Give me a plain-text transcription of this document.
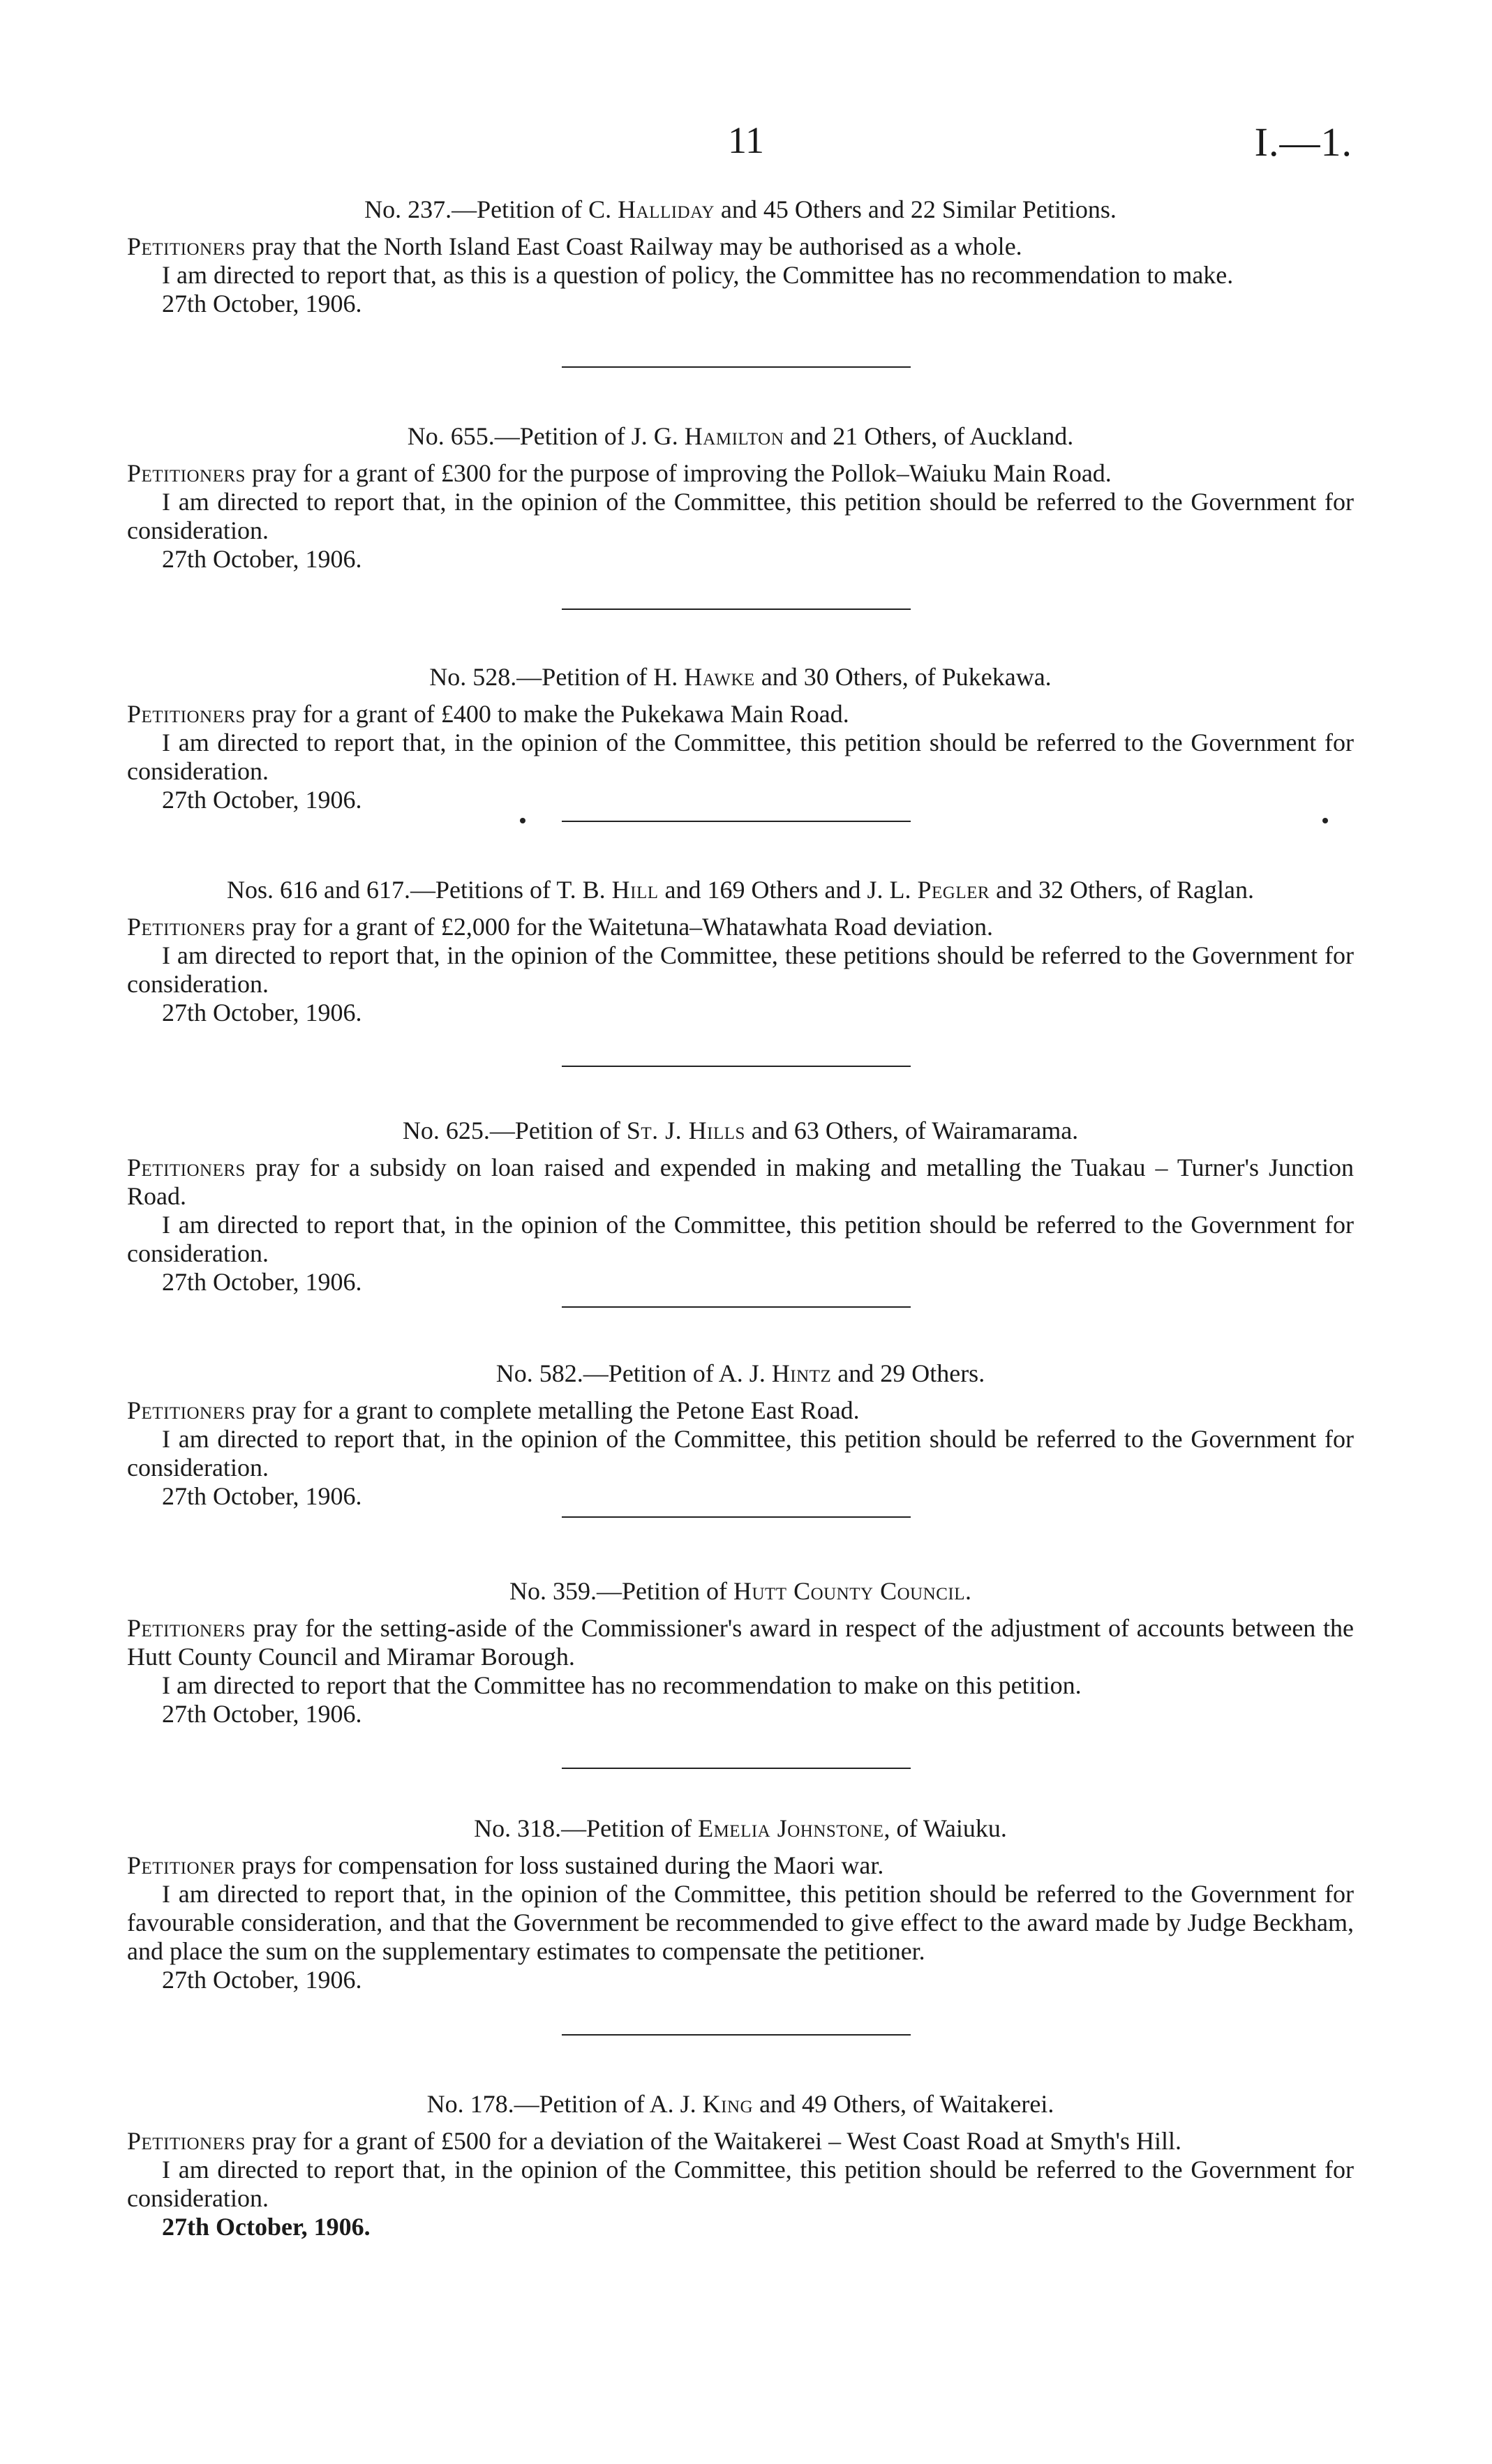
11	I.—1.
No. 237.—Petition of C. Halliday and 45 Others and 22 Similar Petitions.

Petitioners pray that the North Island East Coast Railway may be authorised as a whole.

I am directed to report that, as this is a question of policy, the Committee has no recommendation to make.

27th October, 1906.

No. 655.—Petition of J. G. Hamilton and 21 Others, of Auckland.

Petitioners pray for a grant of £300 for the purpose of improving the Pollok–Waiuku Main Road.

I am directed to report that, in the opinion of the Committee, this petition should be referred to the Government for consideration.

27th October, 1906.

No. 528.—Petition of H. Hawke and 30 Others, of Pukekawa.

Petitioners pray for a grant of £400 to make the Pukekawa Main Road.

I am directed to report that, in the opinion of the Committee, this petition should be referred to the Government for consideration.

27th October, 1906.

Nos. 616 and 617.—Petitions of T. B. Hill and 169 Others and J. L. Pegler and 32 Others, of Raglan.

Petitioners pray for a grant of £2,000 for the Waitetuna–Whatawhata Road deviation.

I am directed to report that, in the opinion of the Committee, these petitions should be referred to the Government for consideration.

27th October, 1906.

No. 625.—Petition of St. J. Hills and 63 Others, of Wairamarama.

Petitioners pray for a subsidy on loan raised and expended in making and metalling the Tuakau – Turner's Junction Road.

I am directed to report that, in the opinion of the Committee, this petition should be referred to the Government for consideration.

27th October, 1906.

No. 582.—Petition of A. J. Hintz and 29 Others.

Petitioners pray for a grant to complete metalling the Petone East Road.

I am directed to report that, in the opinion of the Committee, this petition should be referred to the Government for consideration.

27th October, 1906.

No. 359.—Petition of Hutt County Council.

Petitioners pray for the setting-aside of the Commissioner's award in respect of the adjustment of accounts between the Hutt County Council and Miramar Borough.

I am directed to report that the Committee has no recommendation to make on this petition.

27th October, 1906.

No. 318.—Petition of Emelia Johnstone, of Waiuku.

Petitioner prays for compensation for loss sustained during the Maori war.

I am directed to report that, in the opinion of the Committee, this petition should be referred to the Government for favourable consideration, and that the Government be recommended to give effect to the award made by Judge Beckham, and place the sum on the supplementary estimates to compensate the petitioner.

27th October, 1906.

No. 178.—Petition of A. J. King and 49 Others, of Waitakerei.

Petitioners pray for a grant of £500 for a deviation of the Waitakerei – West Coast Road at Smyth's Hill.

I am directed to report that, in the opinion of the Committee, this petition should be referred to the Government for consideration.

27th October, 1906.
